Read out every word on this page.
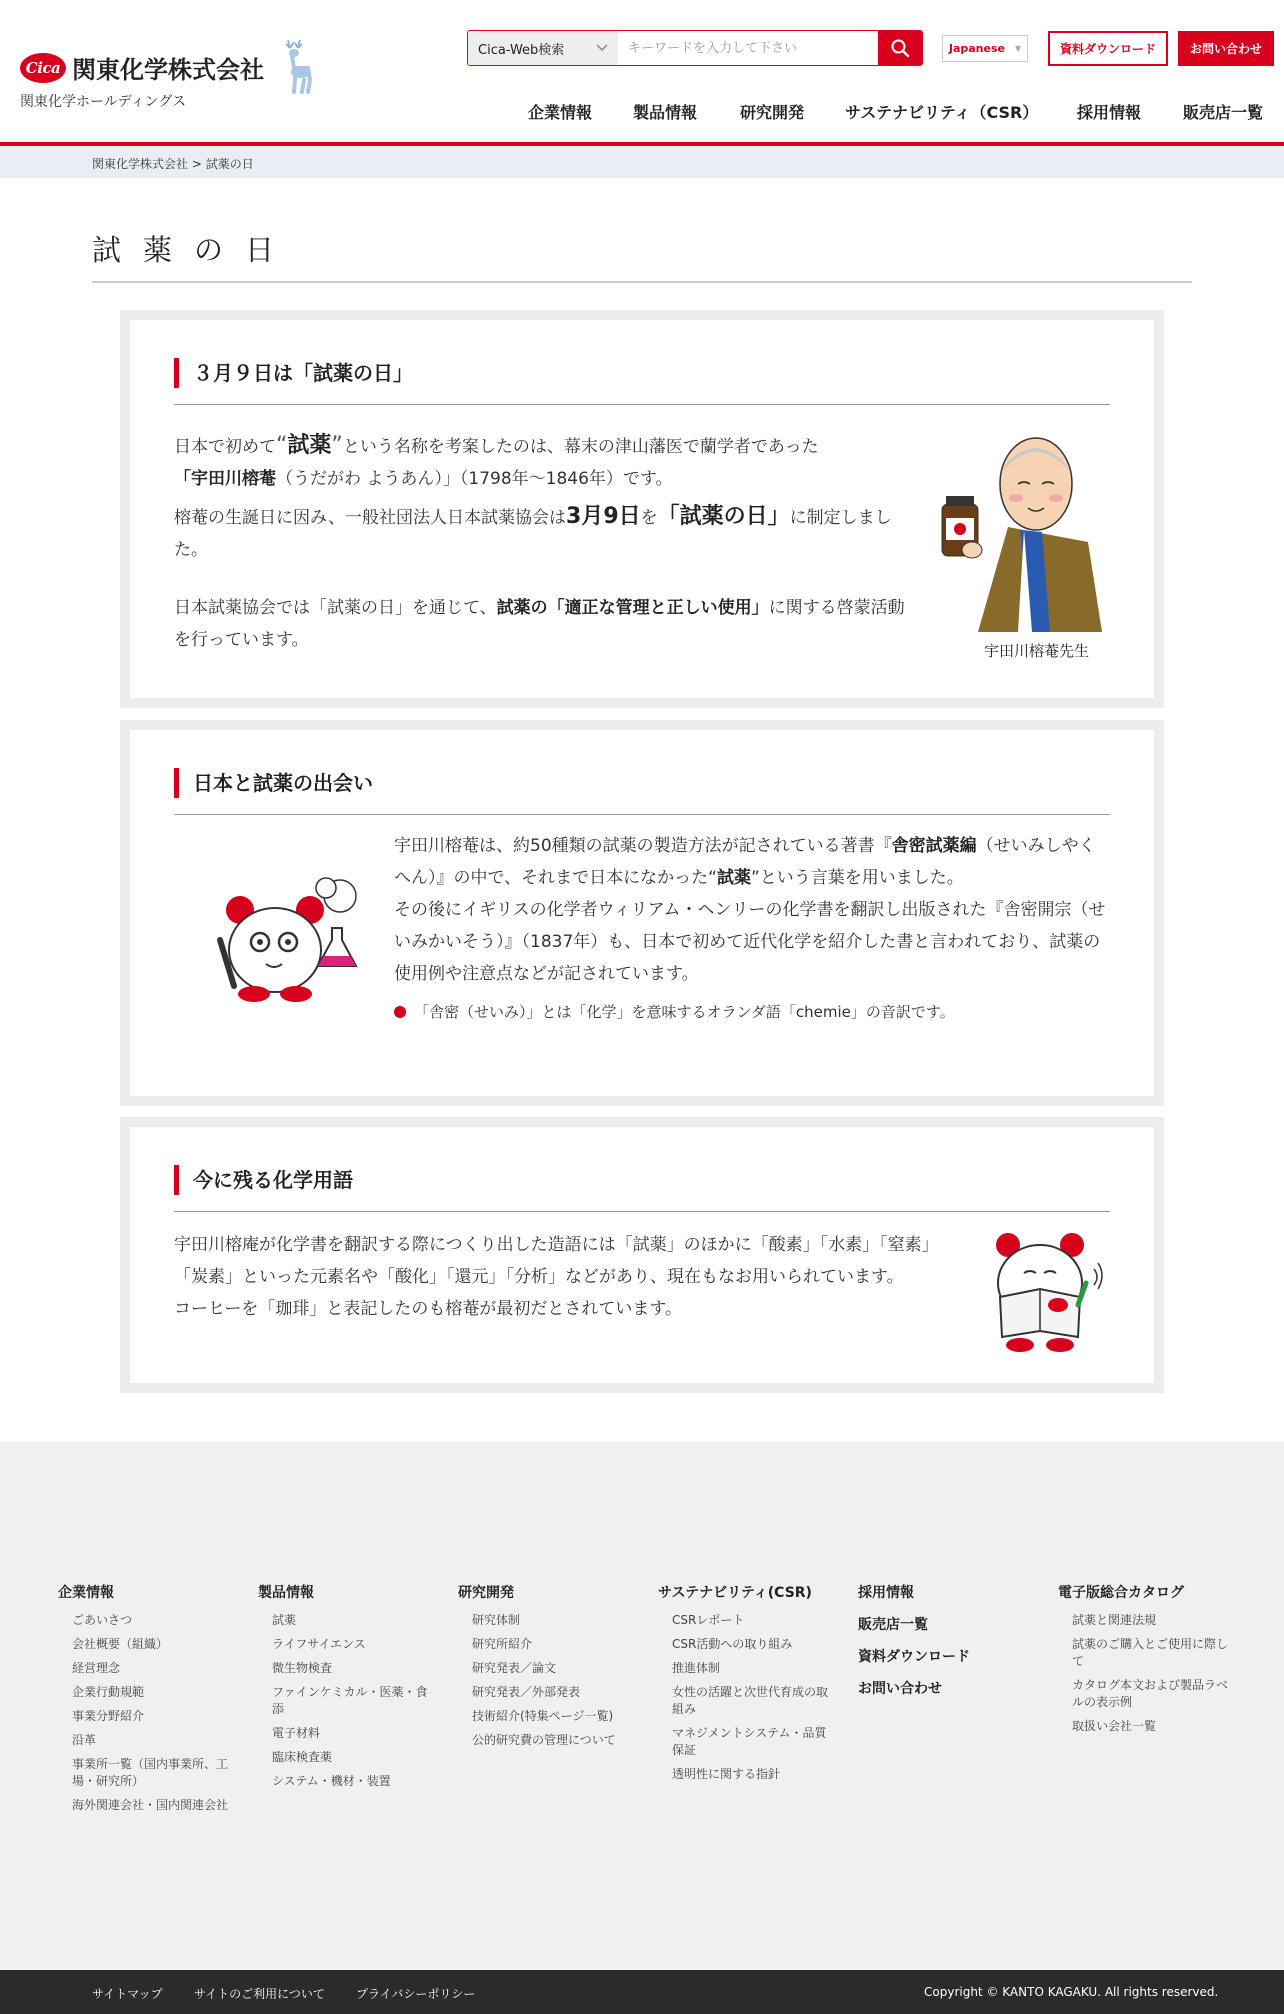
Cica 関東化学株式会社
関東化学ホールディングス
Cica-Web検索
キーワードを入力して下さい	Japanese ▼	資料ダウンロード	お問い合わせ
企業情報	製品情報	研究開発	サステナビリティ（CSR） 採用情報	販売店一覧
関東化学株式会社 > 試薬の日
試薬の日
３月９日は「試薬の日」

日本で初めて“試薬”という名称を考案したのは、幕末の津山藩医で蘭学者であった
「宇田川榕菴（うだがわ ようあん）」（1798年〜1846年）です。

榕菴の生誕日に因み、一般社団法人日本試薬協会は3月9日を「試薬の日」に制定しました。

日本試薬協会では「試薬の日」を通じて、試薬の「適正な管理と正しい使用」に関する啓蒙活動を行っています。

宇田川榕菴先生
日本と試薬の出会い

宇田川榕菴は、約50種類の試薬の製造方法が記されている著書『舎密試薬編（せいみしやくへん）』の中で、それまで日本になかった“試薬”という言葉を用いました。

その後にイギリスの化学者ウィリアム・ヘンリーの化学書を翻訳し出版された『舎密開宗（せいみかいそう）』（1837年）も、日本で初めて近代化学を紹介した書と言われており、試薬の使用例や注意点などが記されています。

「舎密（せいみ）」とは「化学」を意味するオランダ語「chemie」の音訳です。

今に残る化学用語

宇田川榕庵が化学書を翻訳する際につくり出した造語には「試薬」のほかに「酸素」「水素」「窒素」「炭素」といった元素名や「酸化」「還元」「分析」などがあり、現在もなお用いられています。

コーヒーを「珈琲」と表記したのも榕菴が最初だとされています。

企業情報
ごあいさつ
会社概要（組織）
経営理念
企業行動規範
事業分野紹介
沿革
事業所一覧（国内事業所、工場・研究所）
海外関連会社・国内関連会社
製品情報
試薬
ライフサイエンス
微生物検査
ファインケミカル・医薬・食添
電子材料
臨床検査薬
システム・機材・装置
研究開発
研究体制
研究所紹介
研究発表／論文
研究発表／外部発表
技術紹介(特集ページ一覧)
公的研究費の管理について
サステナビリティ(CSR)
CSRレポート
CSR活動への取り組み
推進体制
女性の活躍と次世代育成の取組み
マネジメントシステム・品質保証
透明性に関する指針
採用情報
販売店一覧
資料ダウンロード
お問い合わせ
電子版総合カタログ
試薬と関連法規
試薬のご購入とご使用に際して
カタログ本文および製品ラベルの表示例
取扱い会社一覧
サイトマップ	サイトのご利用について	プライバシーポリシー	Copyright © KANTO KAGAKU. All rights reserved.
